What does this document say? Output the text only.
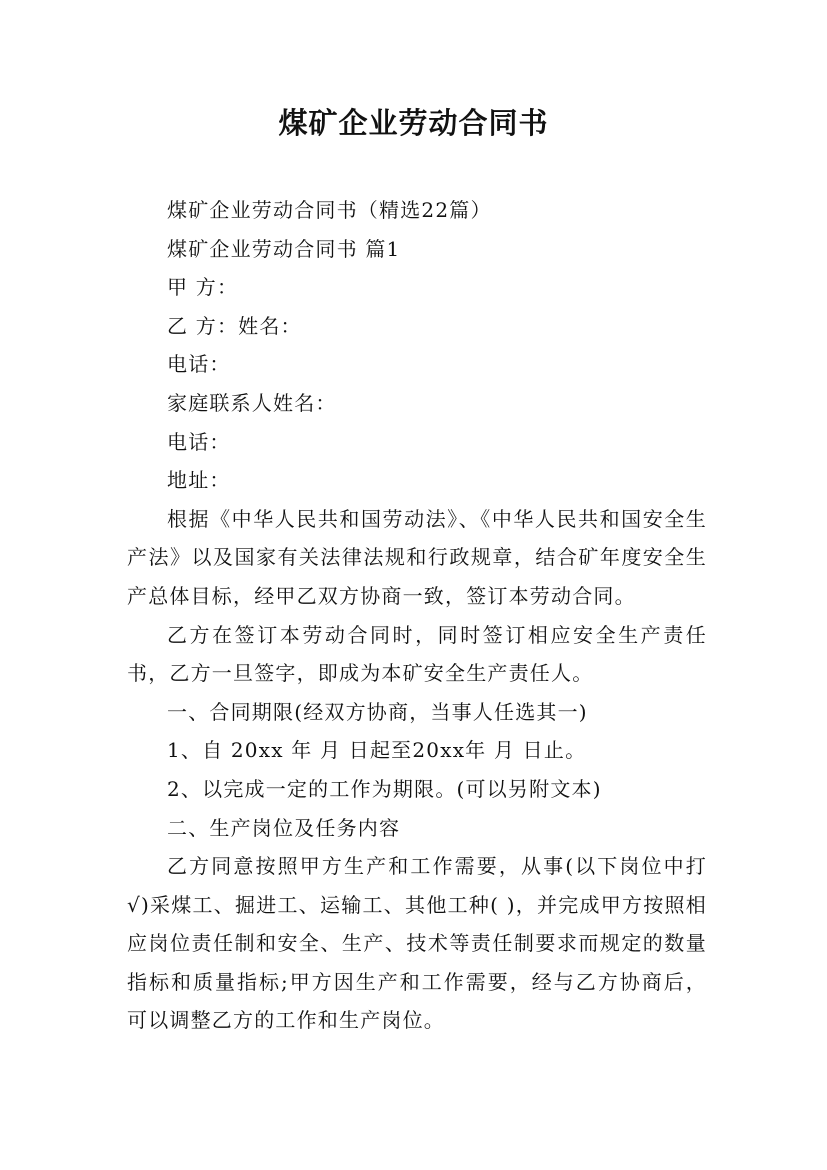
煤矿企业劳动合同书

煤矿企业劳动合同书（精选22篇）

煤矿企业劳动合同书 篇1

甲 方：

乙 方：姓名：

电话：

家庭联系人姓名：

电话：

地址：

根据《中华人民共和国劳动法》、《中华人民共和国安全生产法》以及国家有关法律法规和行政规章，结合矿年度安全生产总体目标，经甲乙双方协商一致，签订本劳动合同。

乙方在签订本劳动合同时，同时签订相应安全生产责任书，乙方一旦签字，即成为本矿安全生产责任人。

一、合同期限(经双方协商，当事人任选其一)

1、自 20xx 年 月 日起至20xx年 月 日止。

2、以完成一定的工作为期限。(可以另附文本)

二、生产岗位及任务内容

乙方同意按照甲方生产和工作需要，从事(以下岗位中打√)采煤工、掘进工、运输工、其他工种( )，并完成甲方按照相应岗位责任制和安全、生产、技术等责任制要求而规定的数量指标和质量指标;甲方因生产和工作需要，经与乙方协商后，可以调整乙方的工作和生产岗位。
